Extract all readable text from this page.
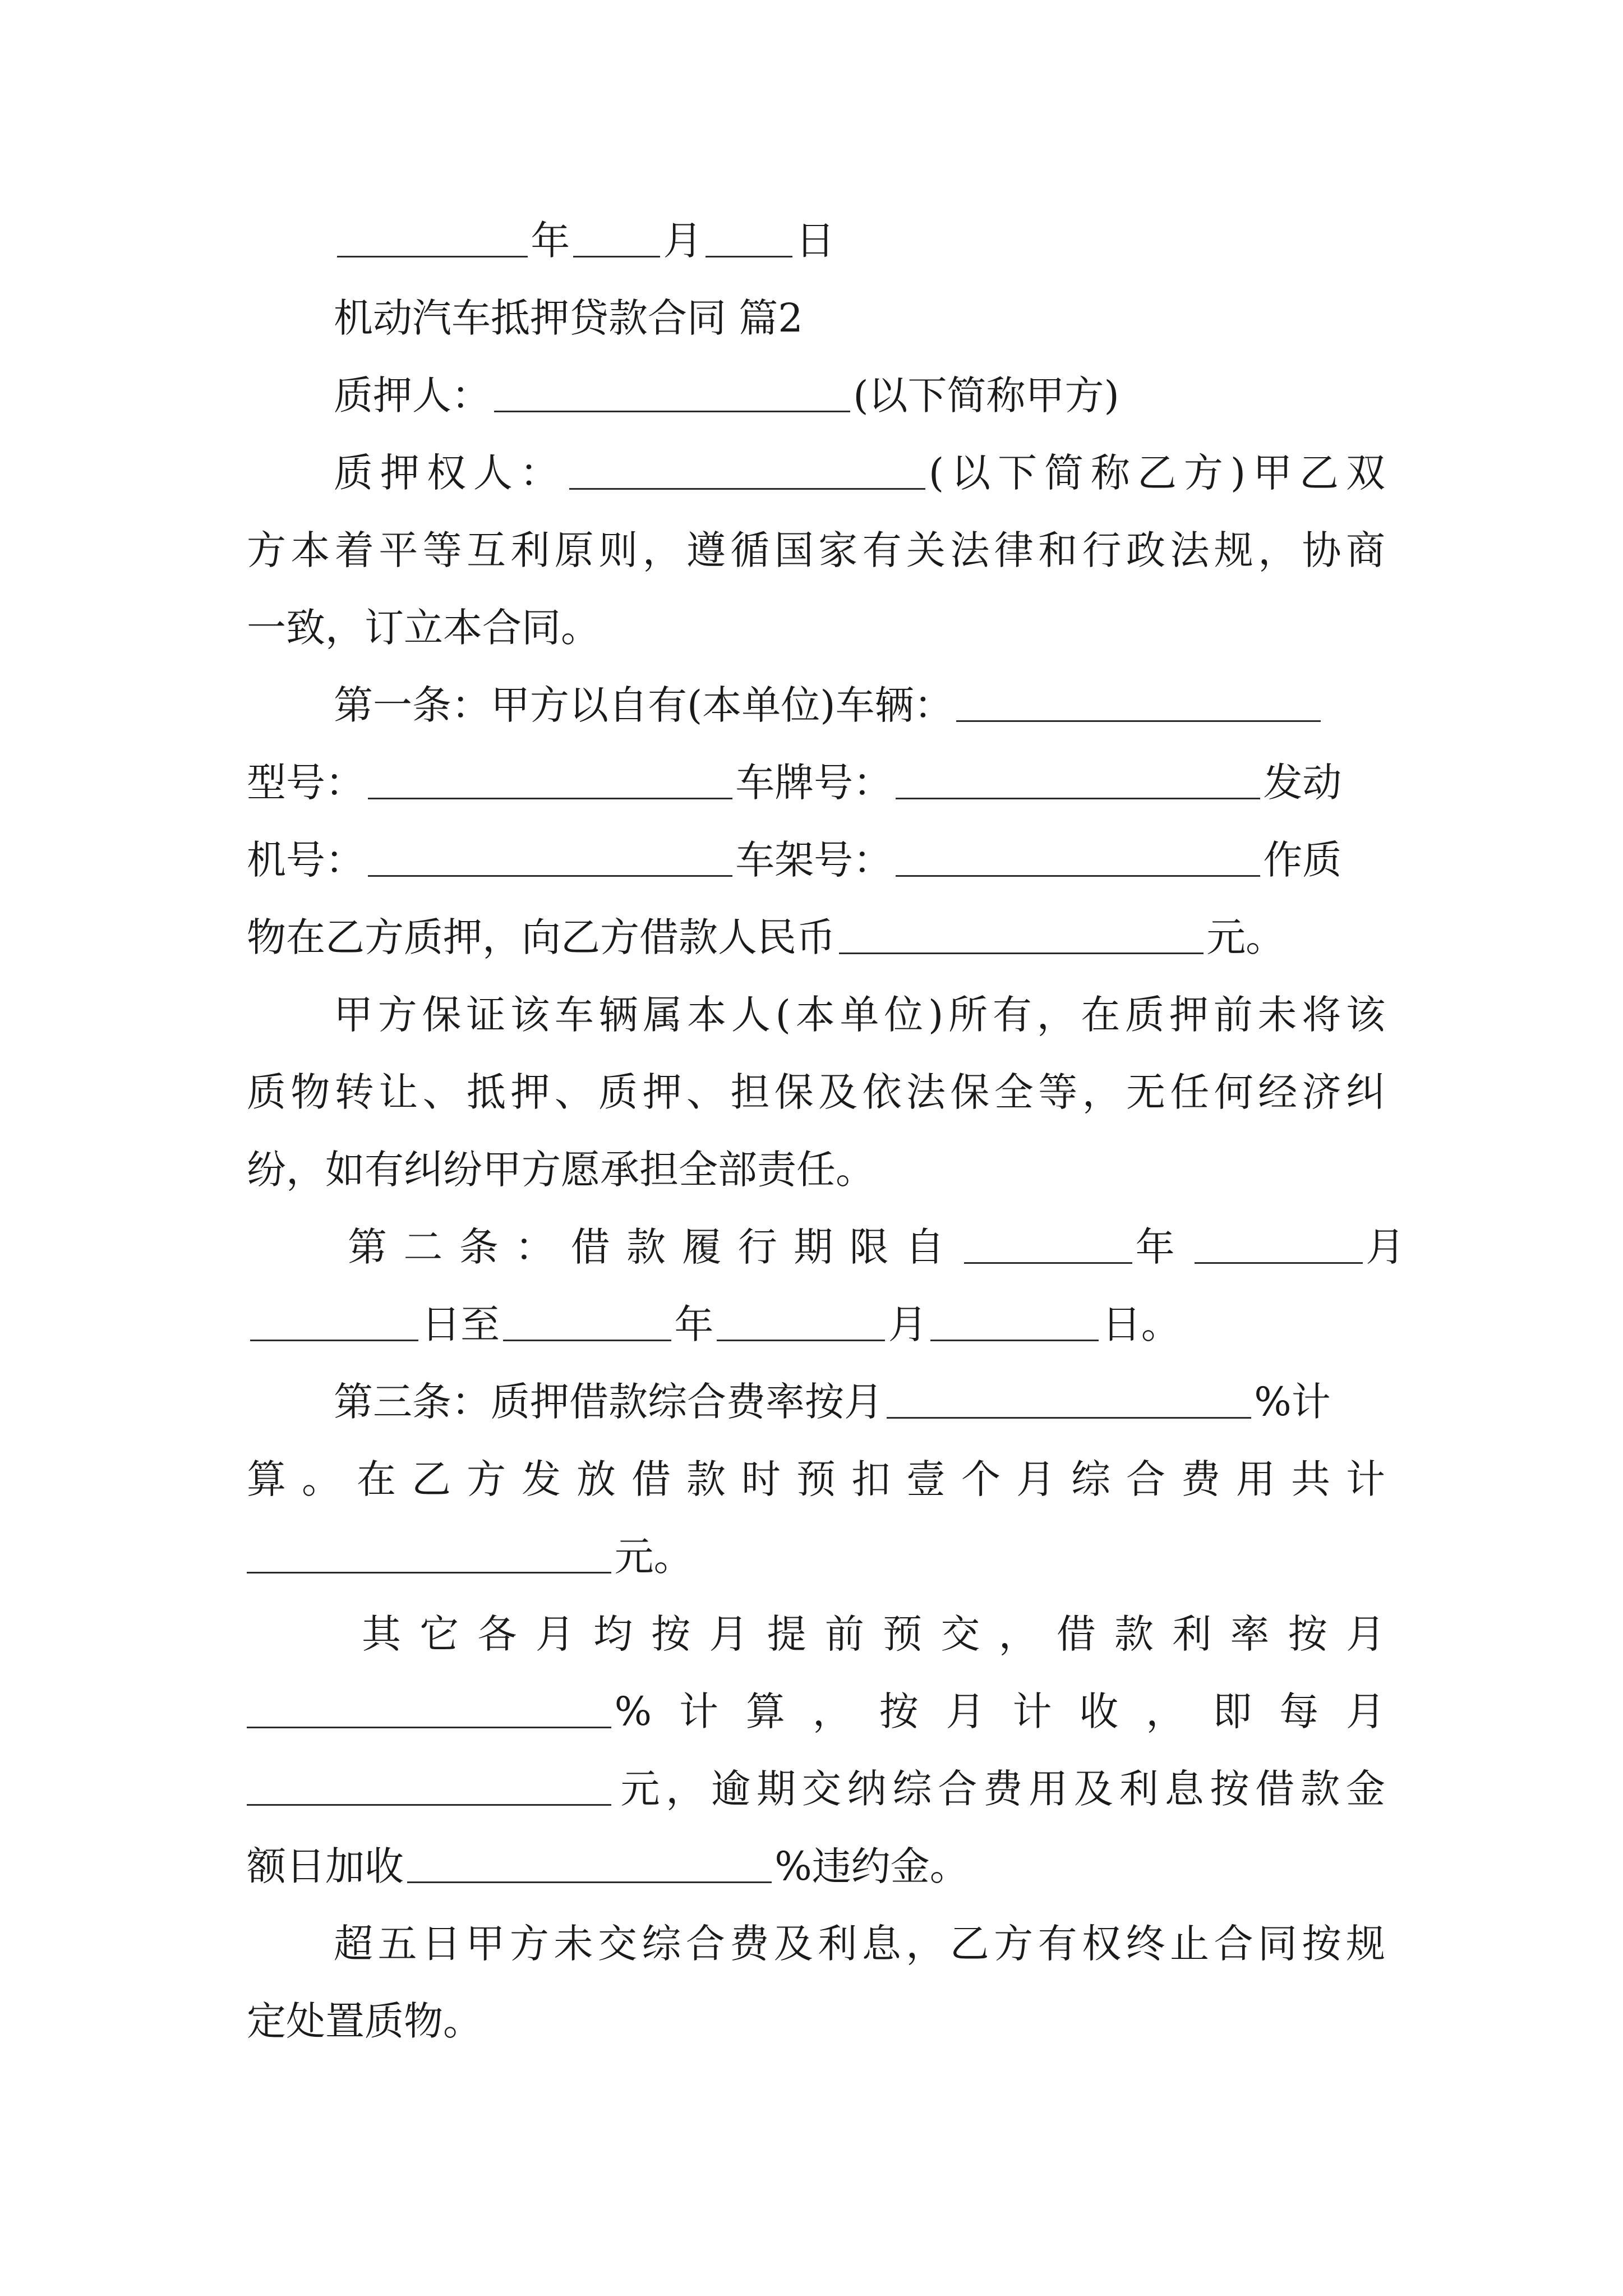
年 月 日
机动汽车抵押贷款合同 篇2
质押人：	(以下简称甲方)
质押权人：	(以下简称乙方)甲乙双
方本着平等互利原则，遵循国家有关法律和行政法规，协商
一致，订立本合同。
第一条：甲方以自有(本单位)车辆：
型号：	车牌号：	发动
机号：	车架号：	作质
物在乙方质押，向乙方借款人民币	元。
甲方保证该车辆属本人(本单位)所有，在质押前未将该
质物转让、抵押、质押、担保及依法保全等，无任何经济纠
纷，如有纠纷甲方愿承担全部责任。
第二条：借款履行期限自	年	月
日至	年	月	日。
第三条：质押借款综合费率按月	%计
算。在乙方发放借款时预扣壹个月综合费用共计
元。
其它各月均按月提前预交，借款利率按月
%计算，按月计收，即每月
元，逾期交纳综合费用及利息按借款金
额日加收	%违约金。
超五日甲方未交综合费及利息，乙方有权终止合同按规
定处置质物。
